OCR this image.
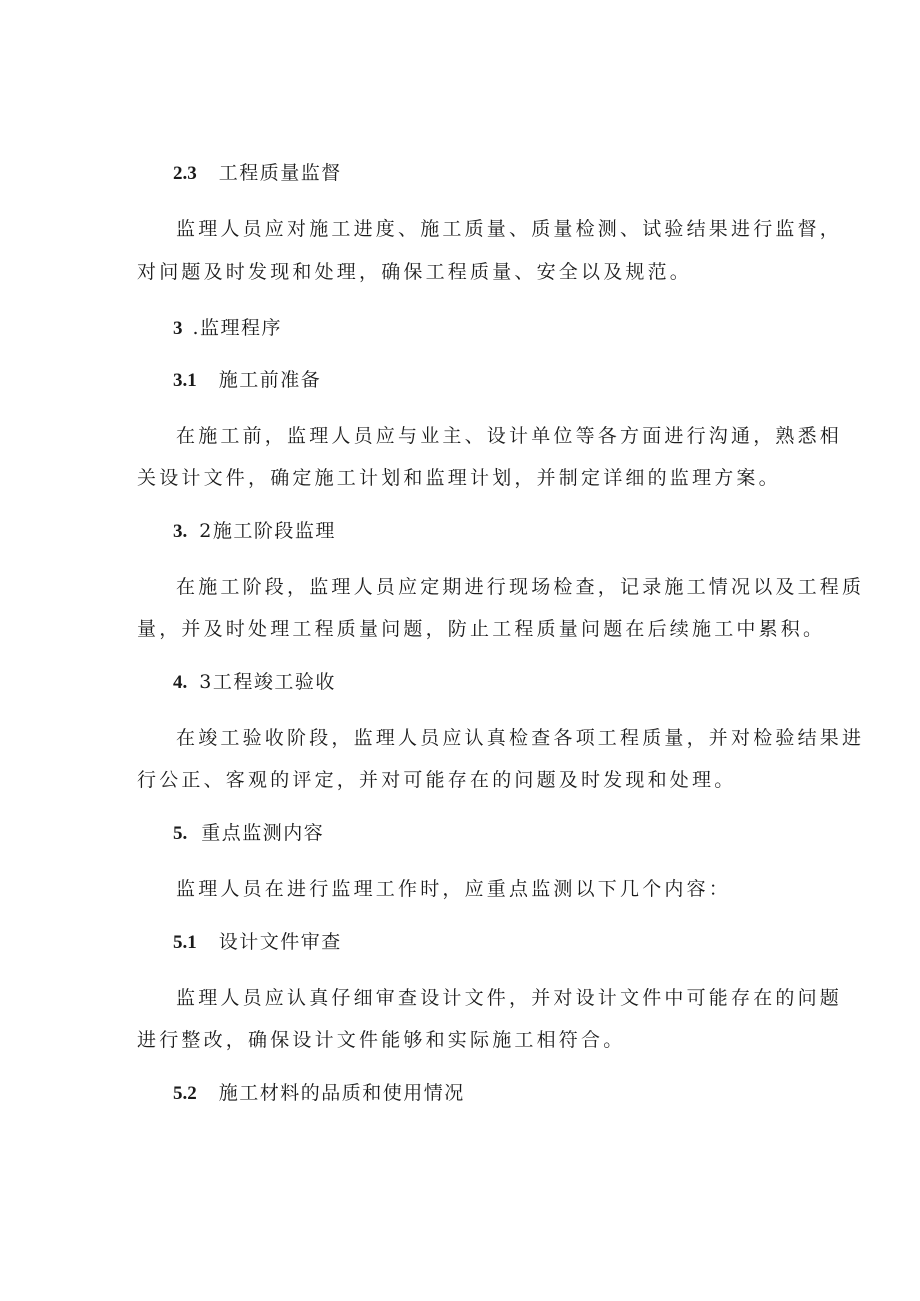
2.3 工程质量监督
监理人员应对施工进度、施工质量、质量检测、试验结果进行监督，
对问题及时发现和处理，确保工程质量、安全以及规范。
3 .监理程序
3.1 施工前准备
在施工前，监理人员应与业主、设计单位等各方面进行沟通，熟悉相
关设计文件，确定施工计划和监理计划，并制定详细的监理方案。
3. 2施工阶段监理
在施工阶段，监理人员应定期进行现场检查，记录施工情况以及工程质
量，并及时处理工程质量问题，防止工程质量问题在后续施工中累积。
4. 3工程竣工验收
在竣工验收阶段，监理人员应认真检查各项工程质量，并对检验结果进
行公正、客观的评定，并对可能存在的问题及时发现和处理。
5. 重点监测内容
监理人员在进行监理工作时，应重点监测以下几个内容：
5.1 设计文件审查
监理人员应认真仔细审查设计文件，并对设计文件中可能存在的问题
进行整改，确保设计文件能够和实际施工相符合。
5.2 施工材料的品质和使用情况
